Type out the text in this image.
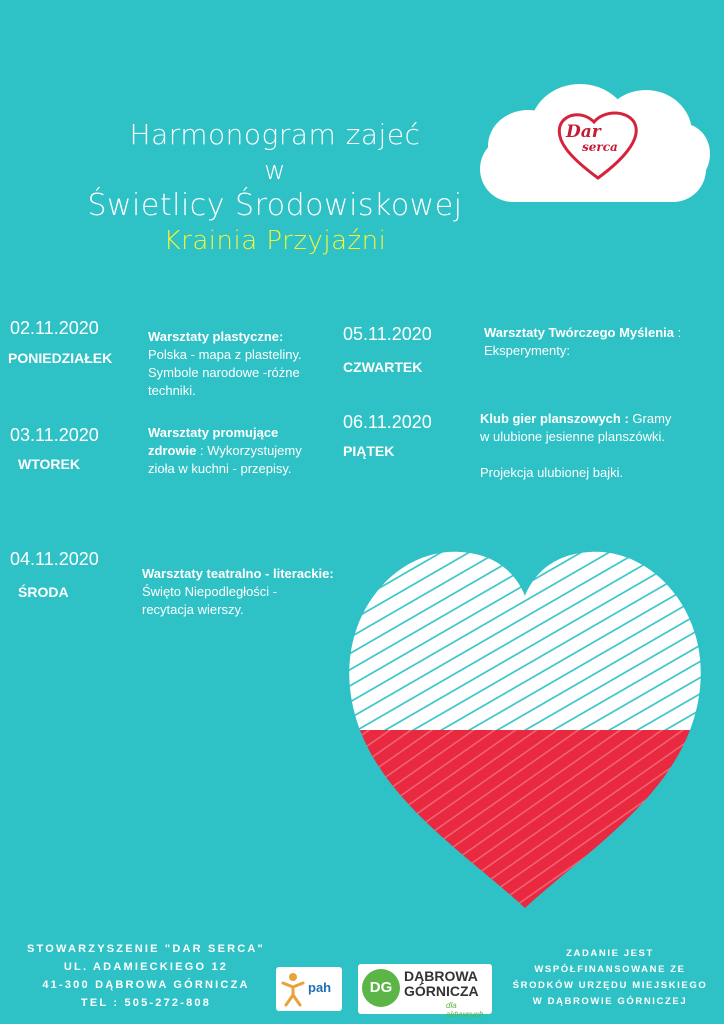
Harmonogram zajeć
w
Świetlicy Środowiskowej
Krainia Przyjaźni
Dar
serca
02.11.2020
PONIEDZIAŁEK
Warsztaty plastyczne:
Polska - mapa z plasteliny.
Symbole narodowe -różne
techniki.
03.11.2020
WTOREK
Warsztaty promujące
zdrowie : Wykorzystujemy
zioła w kuchni - przepisy.
04.11.2020
ŚRODA
Warsztaty teatralno - literackie:
Święto Niepodległości -
recytacja wierszy.
05.11.2020
CZWARTEK
Warsztaty Twórczego Myślenia :
Eksperymenty:
06.11.2020
PIĄTEK
Klub gier planszowych : Gramy
w ulubione jesienne planszówki.
Projekcja ulubionej bajki.
STOWARZYSZENIE "DAR SERCA"
UL. ADAMIECKIEGO 12
41-300 DĄBROWA GÓRNICZA
TEL : 505-272-808
pah	DG
DĄBROWA
GÓRNICZA
dla aktywnych
ZADANIE JEST
WSPÓŁFINANSOWANE ZE
ŚRODKÓW URZĘDU MIEJSKIEGO
W DĄBROWIE GÓRNICZEJ
